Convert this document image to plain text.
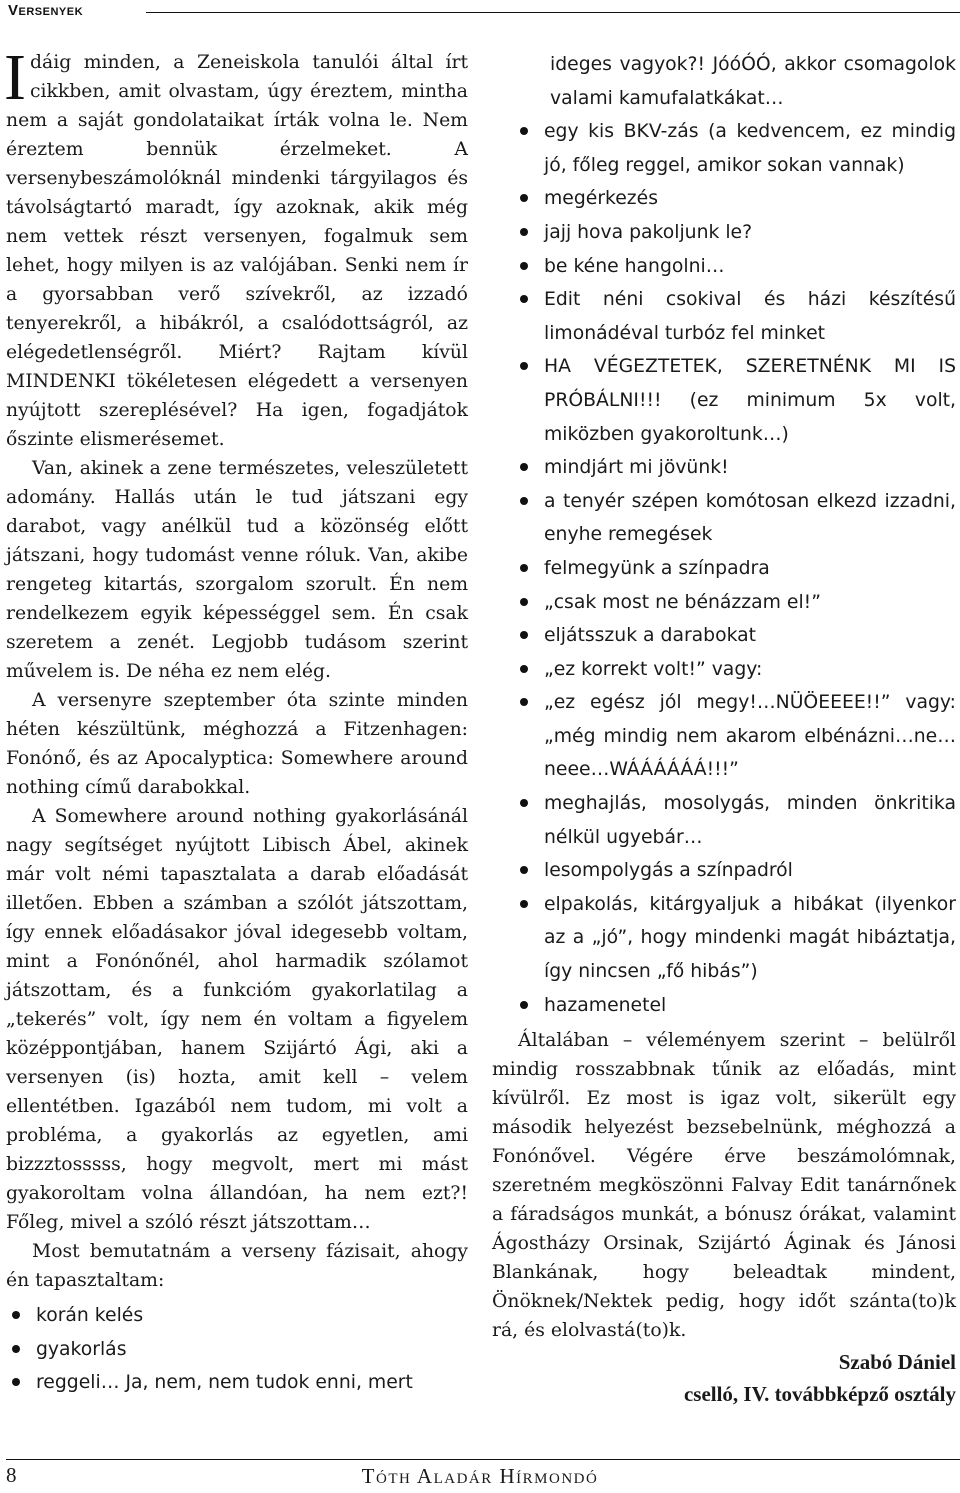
Versenyek

Idáig minden, a Zeneiskola tanulói által írt cikkben, amit olvastam, úgy éreztem, mintha nem a saját gondolataikat írták volna le. Nem éreztem bennük érzelmeket. A versenybeszámolóknál mindenki tárgyilagos és távolságtartó maradt, így azoknak, akik még nem vettek részt versenyen, fogalmuk sem lehet, hogy milyen is az valójában. Senki nem ír a gyorsabban verő szívekről, az izzadó tenyerekről, a hibákról, a csalódottságról, az elégedetlenségről. Miért? Rajtam kívül MINDENKI tökéletesen elégedett a versenyen nyújtott szereplésével? Ha igen, fogadjátok őszinte elismerésemet.

Van, akinek a zene természetes, veleszületett adomány. Hallás után le tud játszani egy darabot, vagy anélkül tud a közönség előtt játszani, hogy tudomást venne róluk. Van, akibe rengeteg kitartás, szorgalom szorult. Én nem rendelkezem egyik képességgel sem. Én csak szeretem a zenét. Legjobb tudásom szerint művelem is. De néha ez nem elég.

A versenyre szeptember óta szinte minden héten készültünk, méghozzá a Fitzenhagen: Fonónő, és az Apocalyptica: Somewhere around nothing című darabokkal.

A Somewhere around nothing gyakorlásánál nagy segítséget nyújtott Libisch Ábel, akinek már volt némi tapasztalata a darab előadását illetően. Ebben a számban a szólót játszottam, így ennek előadásakor jóval idegesebb voltam, mint a Fonónőnél, ahol harmadik szólamot játszottam, és a funkcióm gyakorlatilag a „tekerés” volt, így nem én voltam a figyelem középpontjában, hanem Szijártó Ági, aki a versenyen (is) hozta, amit kell – velem ellentétben. Igazából nem tudom, mi volt a probléma, a gyakorlás az egyetlen, ami bizzztosssss, hogy megvolt, mert mi mást gyakoroltam volna állandóan, ha nem ezt?! Főleg, mivel a szóló részt játszottam…

Most bemutatnám a verseny fázisait, ahogy én tapasztaltam:

korán kelés
gyakorlás
reggeli… Ja, nem, nem tudok enni, mert
ideges vagyok?! JóóÓÓ, akkor csomagolok valami kamufalatkákat…
egy kis BKV-zás (a kedvencem, ez mindig jó, főleg reggel, amikor sokan vannak)
megérkezés
jajj hova pakoljunk le?
be kéne hangolni…
Edit néni csokival és házi készítésű limonádéval turbóz fel minket
HA VÉGEZTETEK, SZERETNÉNK MI IS PRÓBÁLNI!!! (ez minimum 5x volt, miközben gyakoroltunk…)
mindjárt mi jövünk!
a tenyér szépen komótosan elkezd izzadni, enyhe remegések
felmegyünk a színpadra
„csak most ne bénázzam el!”
eljátsszuk a darabokat
„ez korrekt volt!” vagy:
„ez egész jól megy!…NÜÖEEEE!!” vagy: „még mindig nem akarom elbénázni…ne…neee…WÁÁÁÁÁÁ!!!”
meghajlás, mosolygás, minden önkritika nélkül ugyebár…
lesompolygás a színpadról
elpakolás, kitárgyaljuk a hibákat (ilyenkor az a „jó”, hogy mindenki magát hibáztatja, így nincsen „fő hibás”)
hazamenetel

Általában – véleményem szerint – belülről mindig rosszabbnak tűnik az előadás, mint kívülről. Ez most is igaz volt, sikerült egy második helyezést bezsebelnünk, méghozzá a Fonónővel. Végére érve beszámolómnak, szeretném megköszönni Falvay Edit tanárnőnek a fáradságos munkát, a bónusz órákat, valamint Ágostházy Orsinak, Szijártó Áginak és Jánosi Blankának, hogy beleadtak mindent, Önöknek/Nektek pedig, hogy időt szánta(to)k rá, és elolvastá(to)k.

Szabó Dániel
cselló, IV. továbbképző osztály
8	Tóth Aladár Hírmondó
